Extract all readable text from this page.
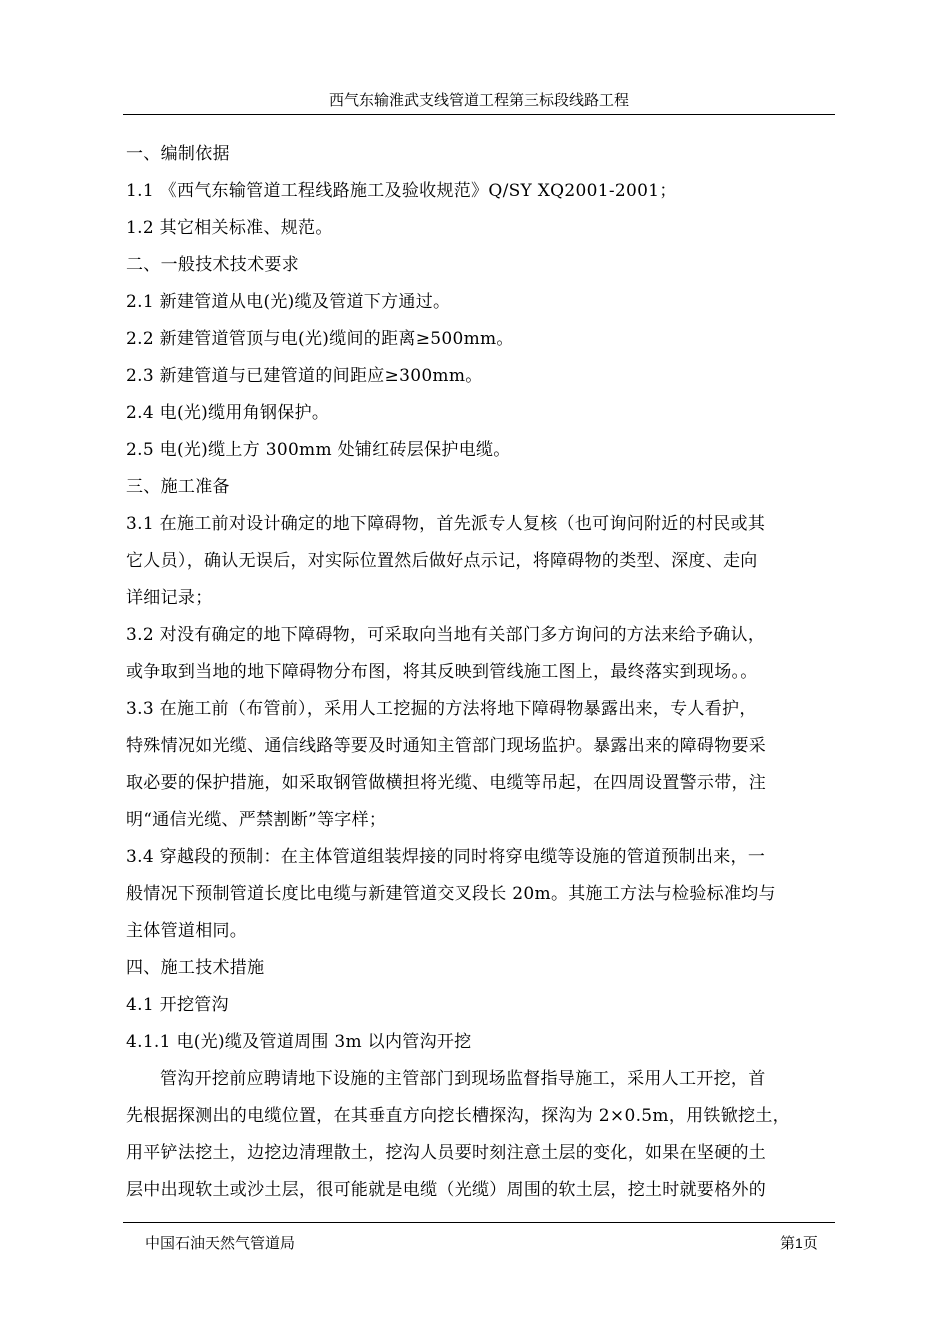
西气东输淮武支线管道工程第三标段线路工程
一、编制依据
1.1 《西气东输管道工程线路施工及验收规范》Q/SY XQ2001-2001；
1.2 其它相关标准、规范。
二、一般技术技术要求
2.1 新建管道从电(光)缆及管道下方通过。
2.2 新建管道管顶与电(光)缆间的距离≥500mm。
2.3 新建管道与已建管道的间距应≥300mm。
2.4 电(光)缆用角钢保护。
2.5 电(光)缆上方 300mm 处铺红砖层保护电缆。
三、施工准备
3.1 在施工前对设计确定的地下障碍物，首先派专人复核（也可询问附近的村民或其
它人员），确认无误后，对实际位置然后做好点示记，将障碍物的类型、深度、走向
详细记录；
3.2 对没有确定的地下障碍物，可采取向当地有关部门多方询问的方法来给予确认，
或争取到当地的地下障碍物分布图，将其反映到管线施工图上，最终落实到现场。。
3.3 在施工前（布管前），采用人工挖掘的方法将地下障碍物暴露出来，专人看护，
特殊情况如光缆、通信线路等要及时通知主管部门现场监护。暴露出来的障碍物要采
取必要的保护措施，如采取钢管做横担将光缆、电缆等吊起，在四周设置警示带，注
明“通信光缆、严禁割断”等字样；
3.4 穿越段的预制：在主体管道组装焊接的同时将穿电缆等设施的管道预制出来，一
般情况下预制管道长度比电缆与新建管道交叉段长 20m。其施工方法与检验标准均与
主体管道相同。
四、施工技术措施
4.1 开挖管沟
4.1.1 电(光)缆及管道周围 3m 以内管沟开挖
管沟开挖前应聘请地下设施的主管部门到现场监督指导施工，采用人工开挖，首
先根据探测出的电缆位置，在其垂直方向挖长槽探沟，探沟为 2×0.5m，用铁锨挖土，
用平铲法挖土，边挖边清理散土，挖沟人员要时刻注意土层的变化，如果在坚硬的土
层中出现软土或沙土层，很可能就是电缆（光缆）周围的软土层，挖土时就要格外的
中国石油天然气管道局	第1页
